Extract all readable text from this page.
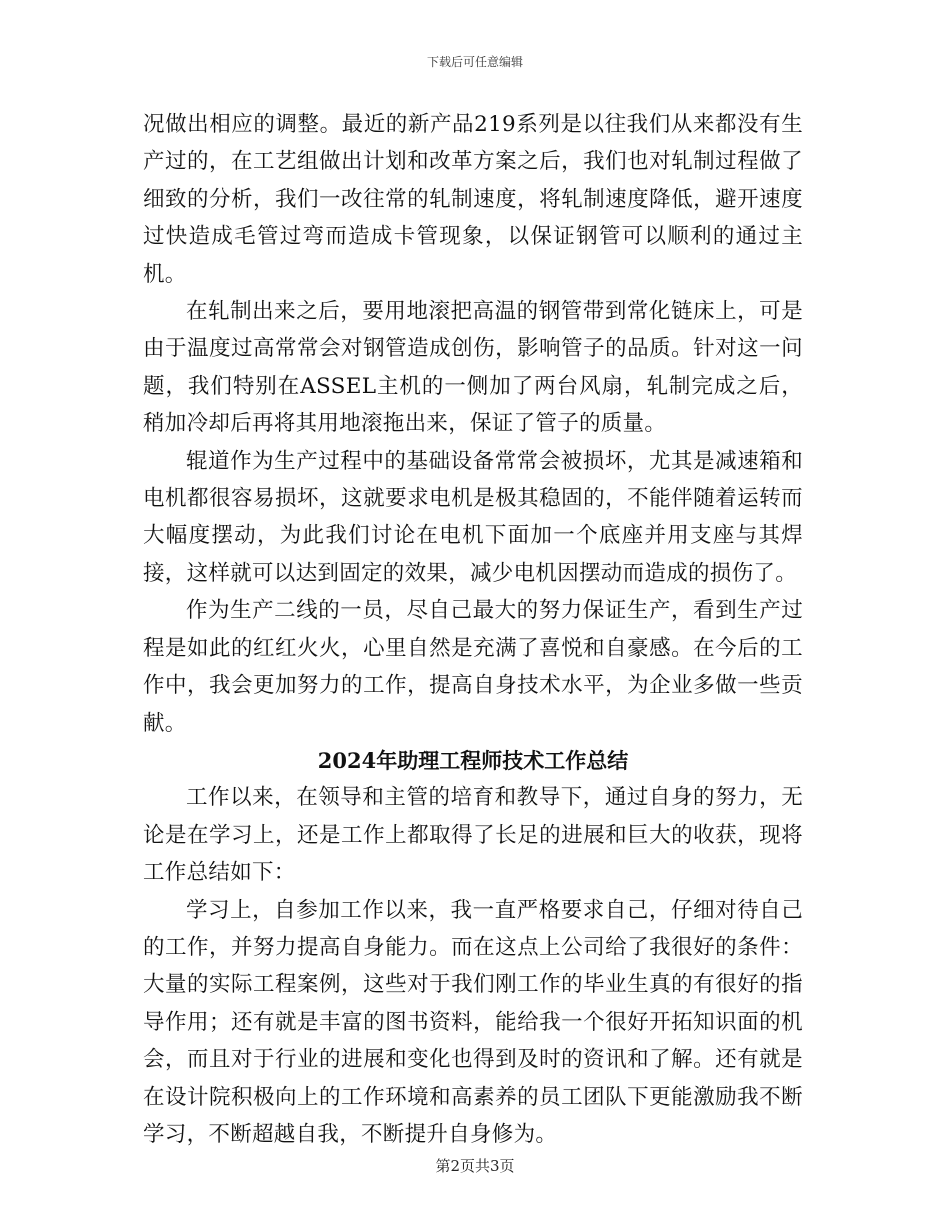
下载后可任意编辑

况做出相应的调整。最近的新产品219系列是以往我们从来都没有生产过的，在工艺组做出计划和改革方案之后，我们也对轧制过程做了细致的分析，我们一改往常的轧制速度，将轧制速度降低，避开速度过快造成毛管过弯而造成卡管现象，以保证钢管可以顺利的通过主机。

在轧制出来之后，要用地滚把高温的钢管带到常化链床上，可是由于温度过高常常会对钢管造成创伤，影响管子的品质。针对这一问题，我们特别在ASSEL主机的一侧加了两台风扇，轧制完成之后，稍加冷却后再将其用地滚拖出来，保证了管子的质量。

辊道作为生产过程中的基础设备常常会被损坏，尤其是减速箱和电机都很容易损坏，这就要求电机是极其稳固的，不能伴随着运转而大幅度摆动，为此我们讨论在电机下面加一个底座并用支座与其焊接，这样就可以达到固定的效果，减少电机因摆动而造成的损伤了。

作为生产二线的一员，尽自己最大的努力保证生产，看到生产过程是如此的红红火火，心里自然是充满了喜悦和自豪感。在今后的工作中，我会更加努力的工作，提高自身技术水平，为企业多做一些贡献。

2024年助理工程师技术工作总结

工作以来，在领导和主管的培育和教导下，通过自身的努力，无论是在学习上，还是工作上都取得了长足的进展和巨大的收获，现将工作总结如下：

学习上，自参加工作以来，我一直严格要求自己，仔细对待自己的工作，并努力提高自身能力。而在这点上公司给了我很好的条件：大量的实际工程案例，这些对于我们刚工作的毕业生真的有很好的指导作用；还有就是丰富的图书资料，能给我一个很好开拓知识面的机会，而且对于行业的进展和变化也得到及时的资讯和了解。还有就是在设计院积极向上的工作环境和高素养的员工团队下更能激励我不断学习，不断超越自我，不断提升自身修为。

第2页共3页
